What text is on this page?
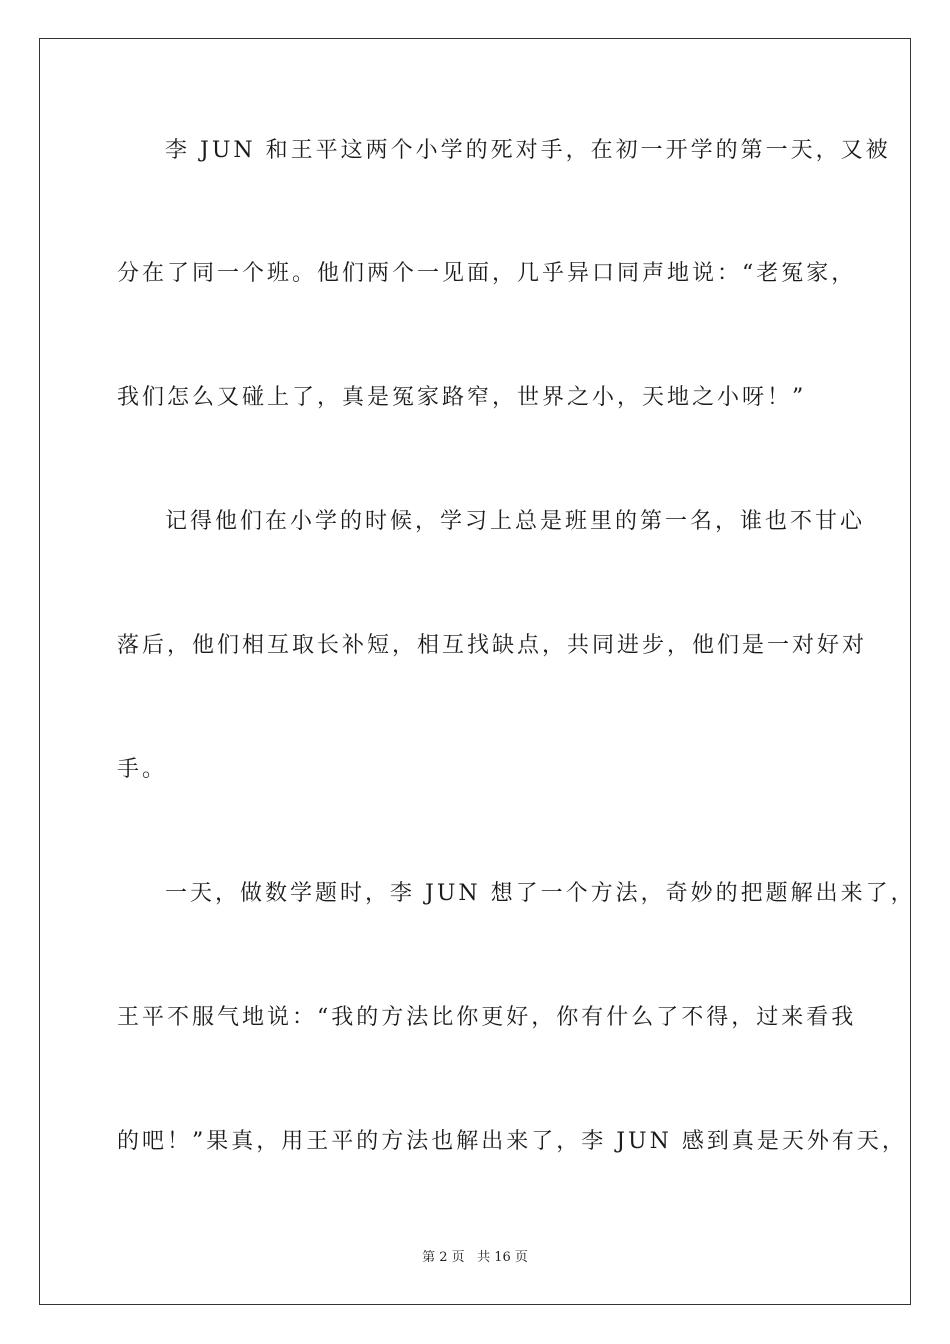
李 JUN 和王平这两个小学的死对手，在初一开学的第一天，又被
分在了同一个班。他们两个一见面，几乎异口同声地说：“老冤家，
我们怎么又碰上了，真是冤家路窄，世界之小，天地之小呀！”
记得他们在小学的时候，学习上总是班里的第一名，谁也不甘心
落后，他们相互取长补短，相互找缺点，共同进步，他们是一对好对
手。
一天，做数学题时，李 JUN 想了一个方法，奇妙的把题解出来了，
王平不服气地说：“我的方法比你更好，你有什么了不得，过来看我
的吧！”果真，用王平的方法也解出来了，李 JUN 感到真是天外有天，
第 2 页 共 16 页
